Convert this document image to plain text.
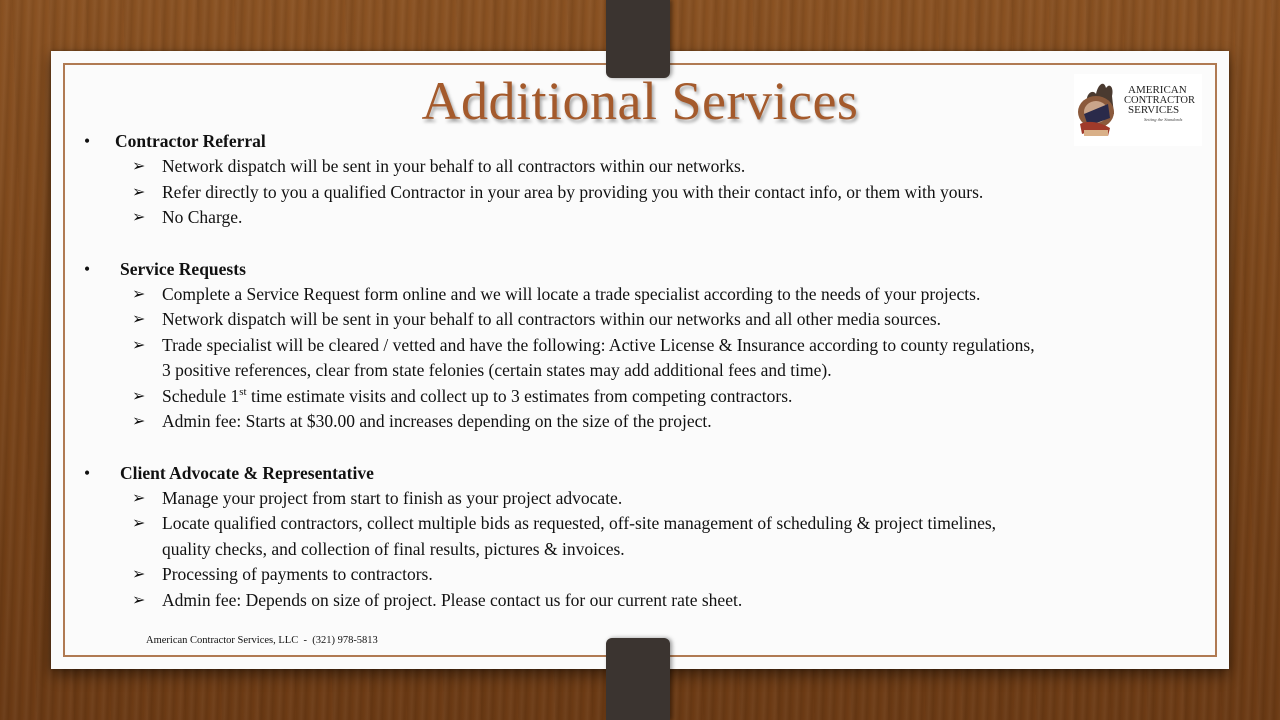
Additional Services	AMERICAN
CONTRACTOR
SERVICES
Setting the Standards
• Contractor Referral
➢ Network dispatch will be sent in your behalf to all contractors within our networks.
➢ Refer directly to you a qualified Contractor in your area by providing you with their contact info, or them with yours.
➢ No Charge.
• Service Requests
➢ Complete a Service Request form online and we will locate a trade specialist according to the needs of your projects.
➢ Network dispatch will be sent in your behalf to all contractors within our networks and all other media sources.
➢ Trade specialist will be cleared / vetted and have the following: Active License & Insurance according to county regulations,
3 positive references, clear from state felonies (certain states may add additional fees and time).
➢ Schedule 1st time estimate visits and collect up to 3 estimates from competing contractors.
➢ Admin fee: Starts at $30.00 and increases depending on the size of the project.
• Client Advocate & Representative
➢ Manage your project from start to finish as your project advocate.
➢ Locate qualified contractors, collect multiple bids as requested, off-site management of scheduling & project timelines,
quality checks, and collection of final results, pictures & invoices.
➢ Processing of payments to contractors.
➢ Admin fee: Depends on size of project. Please contact us for our current rate sheet.
American Contractor Services, LLC  -  (321) 978-5813
